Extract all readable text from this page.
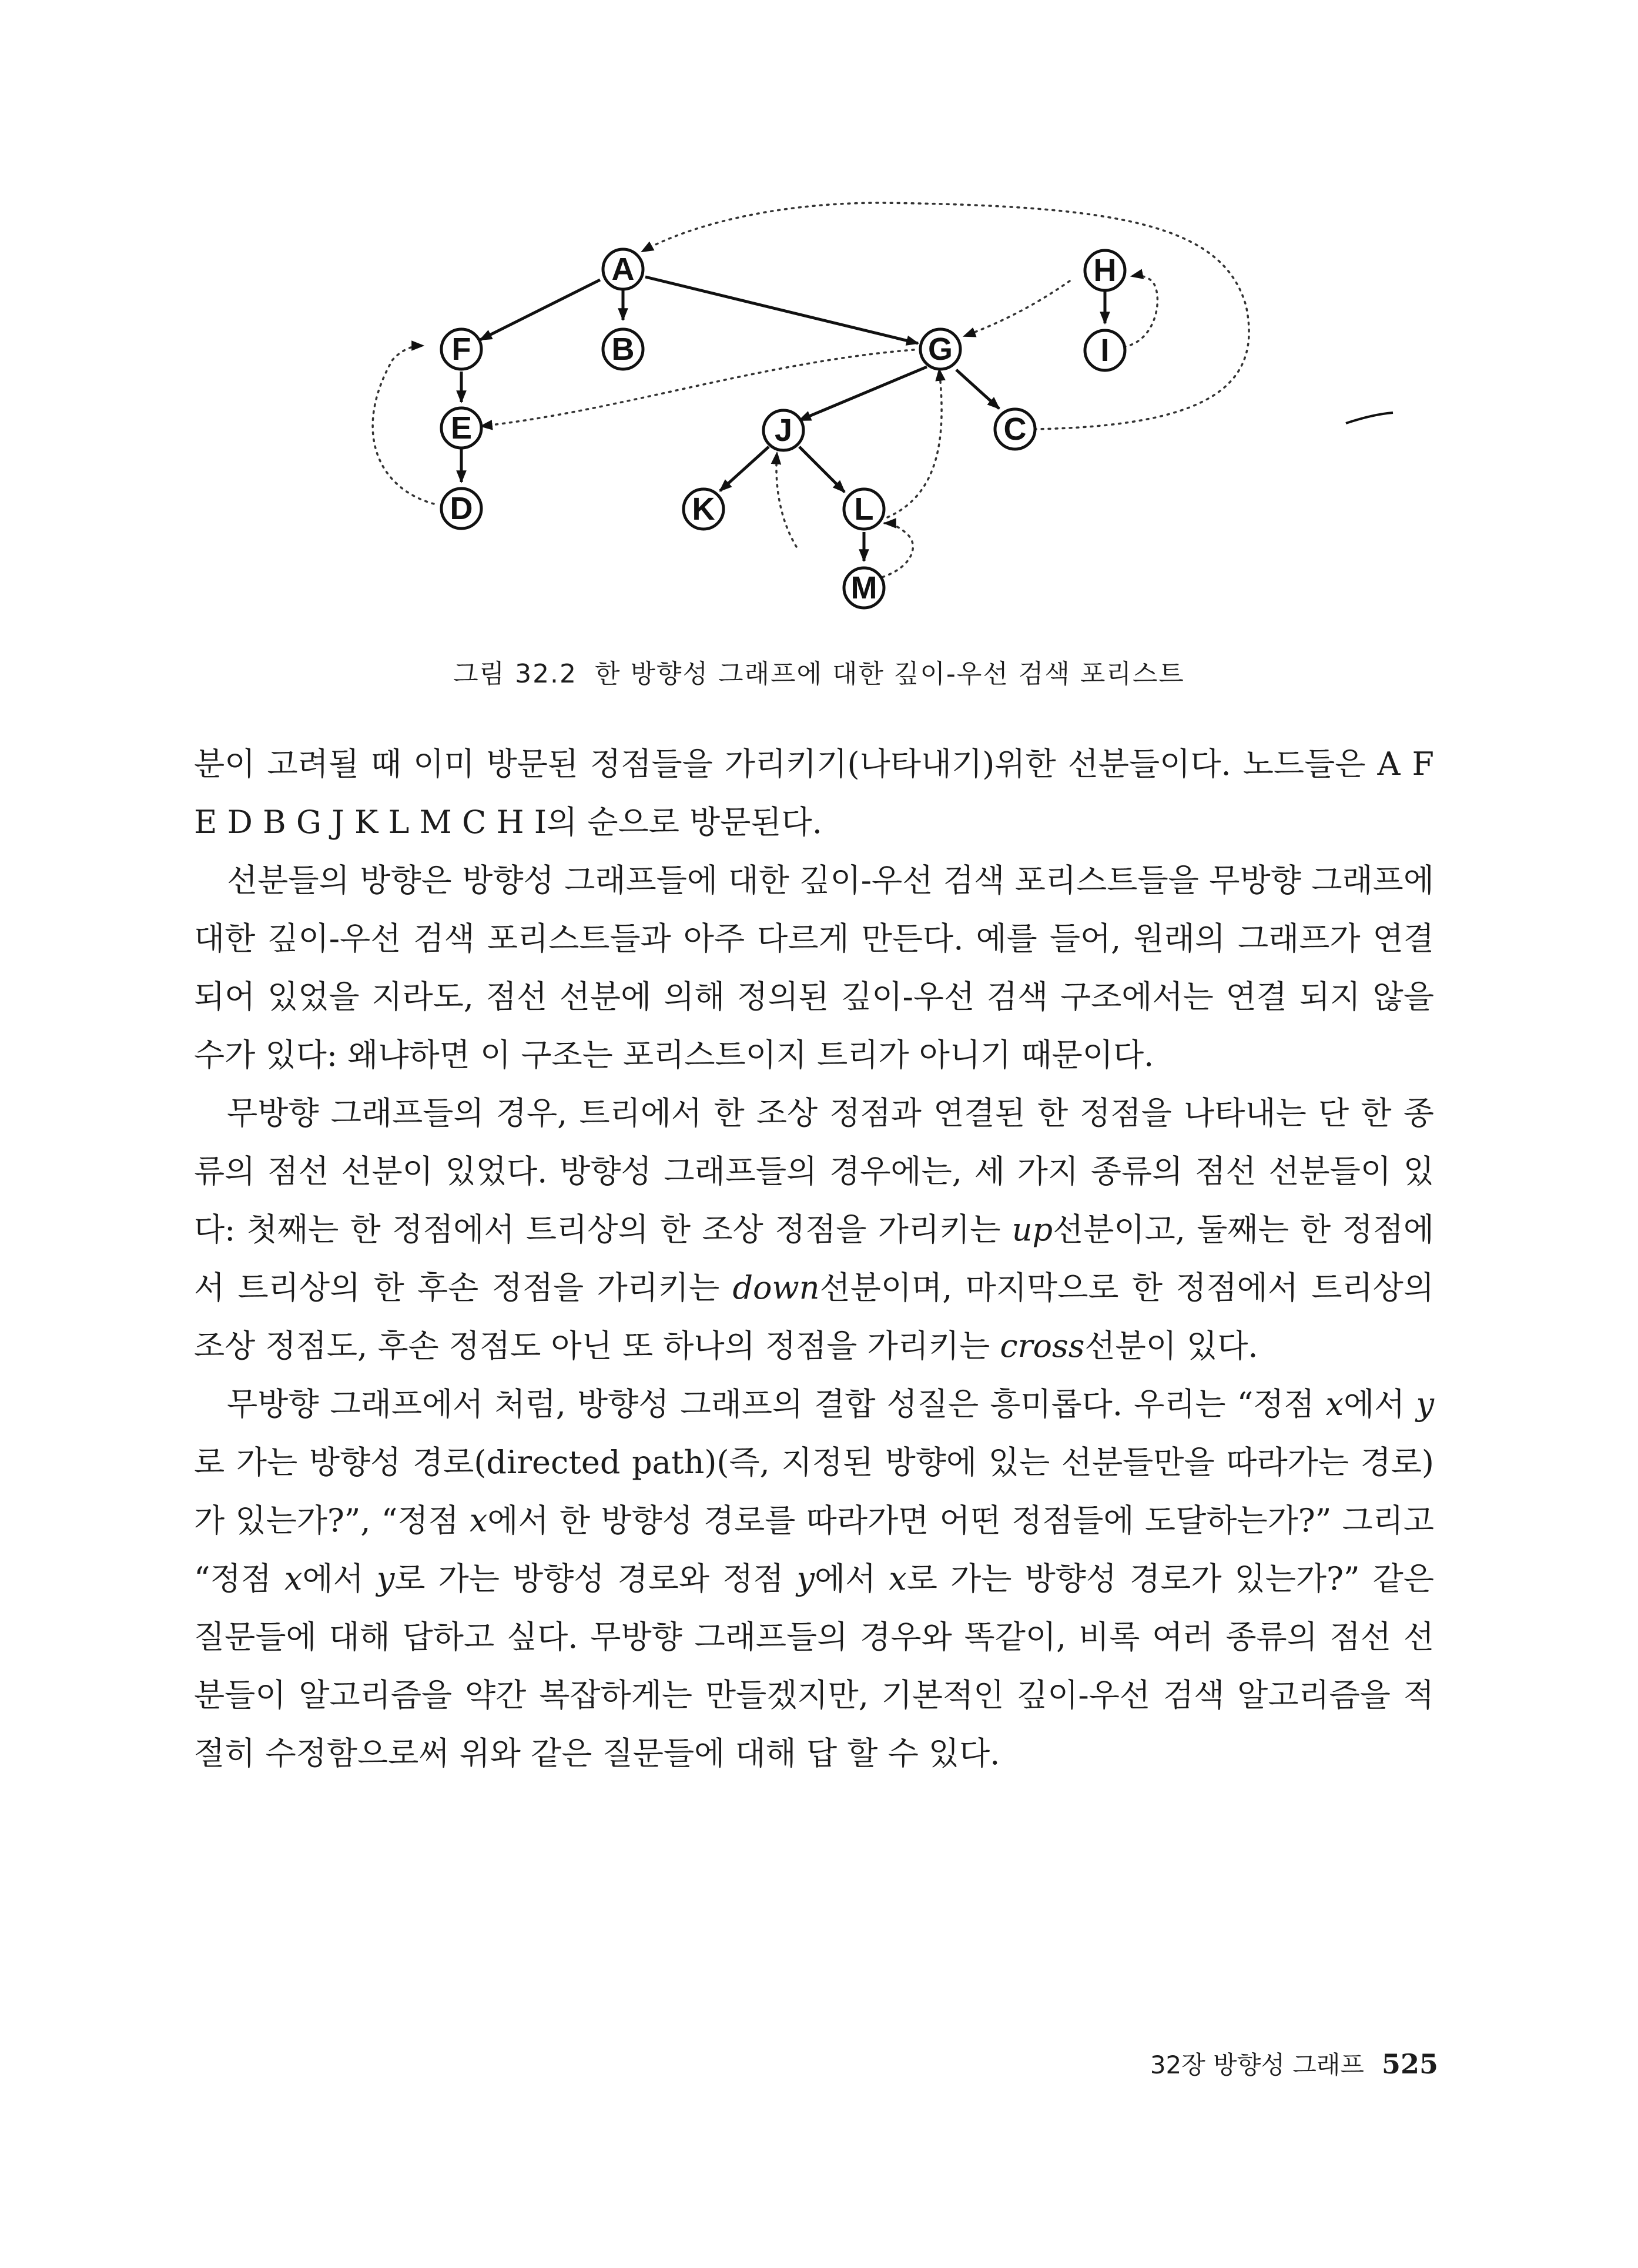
A
B
C
D
E
F	G
H
I
J
K	L
M
그림 32.2 한 방향성 그래프에 대한 깊이-우선 검색 포리스트

분이 고려될 때 이미 방문된 정점들을 가리키기(나타내기)위한 선분들이다. 노드들은 A F E D B G J K L M C H I의 순으로 방문된다.

선분들의 방향은 방향성 그래프들에 대한 깊이-우선 검색 포리스트들을 무방향 그래프에 대한 깊이-우선 검색 포리스트들과 아주 다르게 만든다. 예를 들어, 원래의 그래프가 연결되어 있었을 지라도, 점선 선분에 의해 정의된 깊이-우선 검색 구조에서는 연결 되지 않을 수가 있다: 왜냐하면 이 구조는 포리스트이지 트리가 아니기 때문이다.

무방향 그래프들의 경우, 트리에서 한 조상 정점과 연결된 한 정점을 나타내는 단 한 종류의 점선 선분이 있었다. 방향성 그래프들의 경우에는, 세 가지 종류의 점선 선분들이 있다: 첫째는 한 정점에서 트리상의 한 조상 정점을 가리키는 up선분이고, 둘째는 한 정점에서 트리상의 한 후손 정점을 가리키는 down선분이며, 마지막으로 한 정점에서 트리상의 조상 정점도, 후손 정점도 아닌 또 하나의 정점을 가리키는 cross선분이 있다.

무방향 그래프에서 처럼, 방향성 그래프의 결합 성질은 흥미롭다. 우리는 “정점 x에서 y로 가는 방향성 경로(directed path)(즉, 지정된 방향에 있는 선분들만을 따라가는 경로)가 있는가?”, “정점 x에서 한 방향성 경로를 따라가면 어떤 정점들에 도달하는가?” 그리고 “정점 x에서 y로 가는 방향성 경로와 정점 y에서 x로 가는 방향성 경로가 있는가?” 같은 질문들에 대해 답하고 싶다. 무방향 그래프들의 경우와 똑같이, 비록 여러 종류의 점선 선분들이 알고리즘을 약간 복잡하게는 만들겠지만, 기본적인 깊이-우선 검색 알고리즘을 적절히 수정함으로써 위와 같은 질문들에 대해 답 할 수 있다.

32장 방향성 그래프 525
